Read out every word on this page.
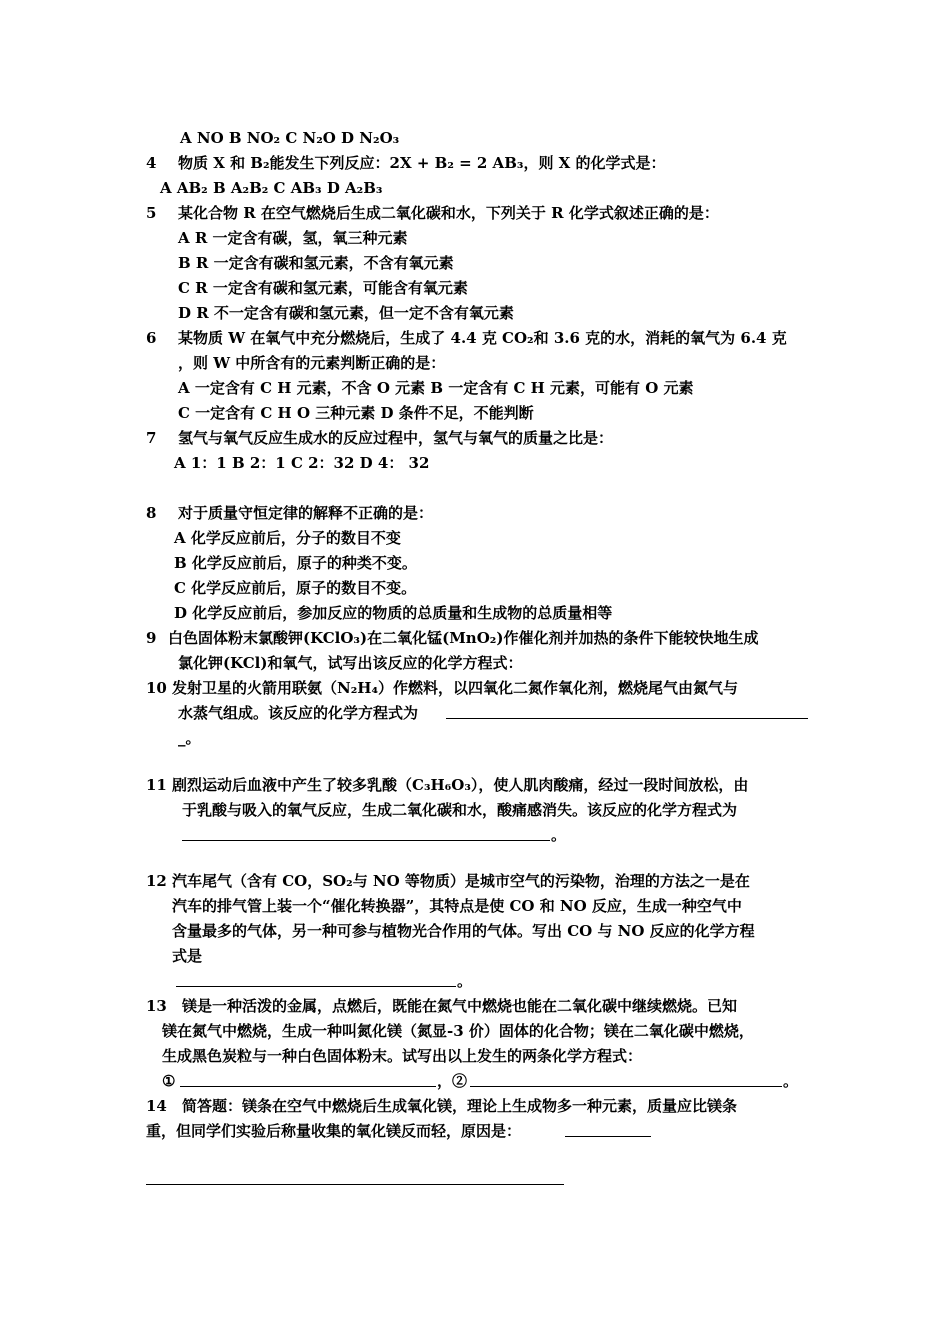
A NO B NO₂ C N₂O D N₂O₃
4 物质 X 和 B₂能发生下列反应：2X + B₂ = 2 AB₃，则 X 的化学式是：
A AB₂ B A₂B₂ C AB₃ D A₂B₃
5 某化合物 R 在空气燃烧后生成二氧化碳和水，下列关于 R 化学式叙述正确的是：
A R 一定含有碳，氢，氧三种元素
B R 一定含有碳和氢元素，不含有氧元素
C R 一定含有碳和氢元素，可能含有氧元素
D R 不一定含有碳和氢元素，但一定不含有氧元素
6 某物质 W 在氧气中充分燃烧后，生成了 4.4 克 CO₂和 3.6 克的水，消耗的氧气为 6.4 克
，则 W 中所含有的元素判断正确的是：
A 一定含有 C H 元素，不含 O 元素 B 一定含有 C H 元素，可能有 O 元素
C 一定含有 C H O 三种元素 D 条件不足，不能判断
7 氢气与氧气反应生成水的反应过程中，氢气与氧气的质量之比是：
A 1：1 B 2：1 C 2：32 D 4： 32
8 对于质量守恒定律的解释不正确的是：
A 化学反应前后，分子的数目不变
B 化学反应前后，原子的种类不变。
C 化学反应前后，原子的数目不变。
D 化学反应前后，参加反应的物质的总质量和生成物的总质量相等
9 白色固体粉末氯酸钾(KClO₃)在二氧化锰(MnO₂)作催化剂并加热的条件下能较快地生成
氯化钾(KCl)和氧气，试写出该反应的化学方程式：
10 发射卫星的火箭用联氨（N₂H₄）作燃料，以四氧化二氮作氧化剂，燃烧尾气由氮气与
水蒸气组成。该反应的化学方程式为
_。
11 剧烈运动后血液中产生了较多乳酸（C₃H₆O₃），使人肌肉酸痛，经过一段时间放松，由
于乳酸与吸入的氧气反应，生成二氧化碳和水，酸痛感消失。该反应的化学方程式为
。
12 汽车尾气（含有 CO，SO₂与 NO 等物质）是城市空气的污染物，治理的方法之一是在
汽车的排气管上装一个“催化转换器”，其特点是使 CO 和 NO 反应，生成一种空气中
含量最多的气体，另一种可参与植物光合作用的气体。写出 CO 与 NO 反应的化学方程
式是
。
13 镁是一种活泼的金属，点燃后，既能在氮气中燃烧也能在二氧化碳中继续燃烧。已知
镁在氮气中燃烧，生成一种叫氮化镁（氮显-3 价）固体的化合物；镁在二氧化碳中燃烧，
生成黑色炭粒与一种白色固体粉末。试写出以上发生的两条化学方程式：
①	，②	。
14 简答题：镁条在空气中燃烧后生成氧化镁，理论上生成物多一种元素，质量应比镁条
重，但同学们实验后称量收集的氧化镁反而轻，原因是：
